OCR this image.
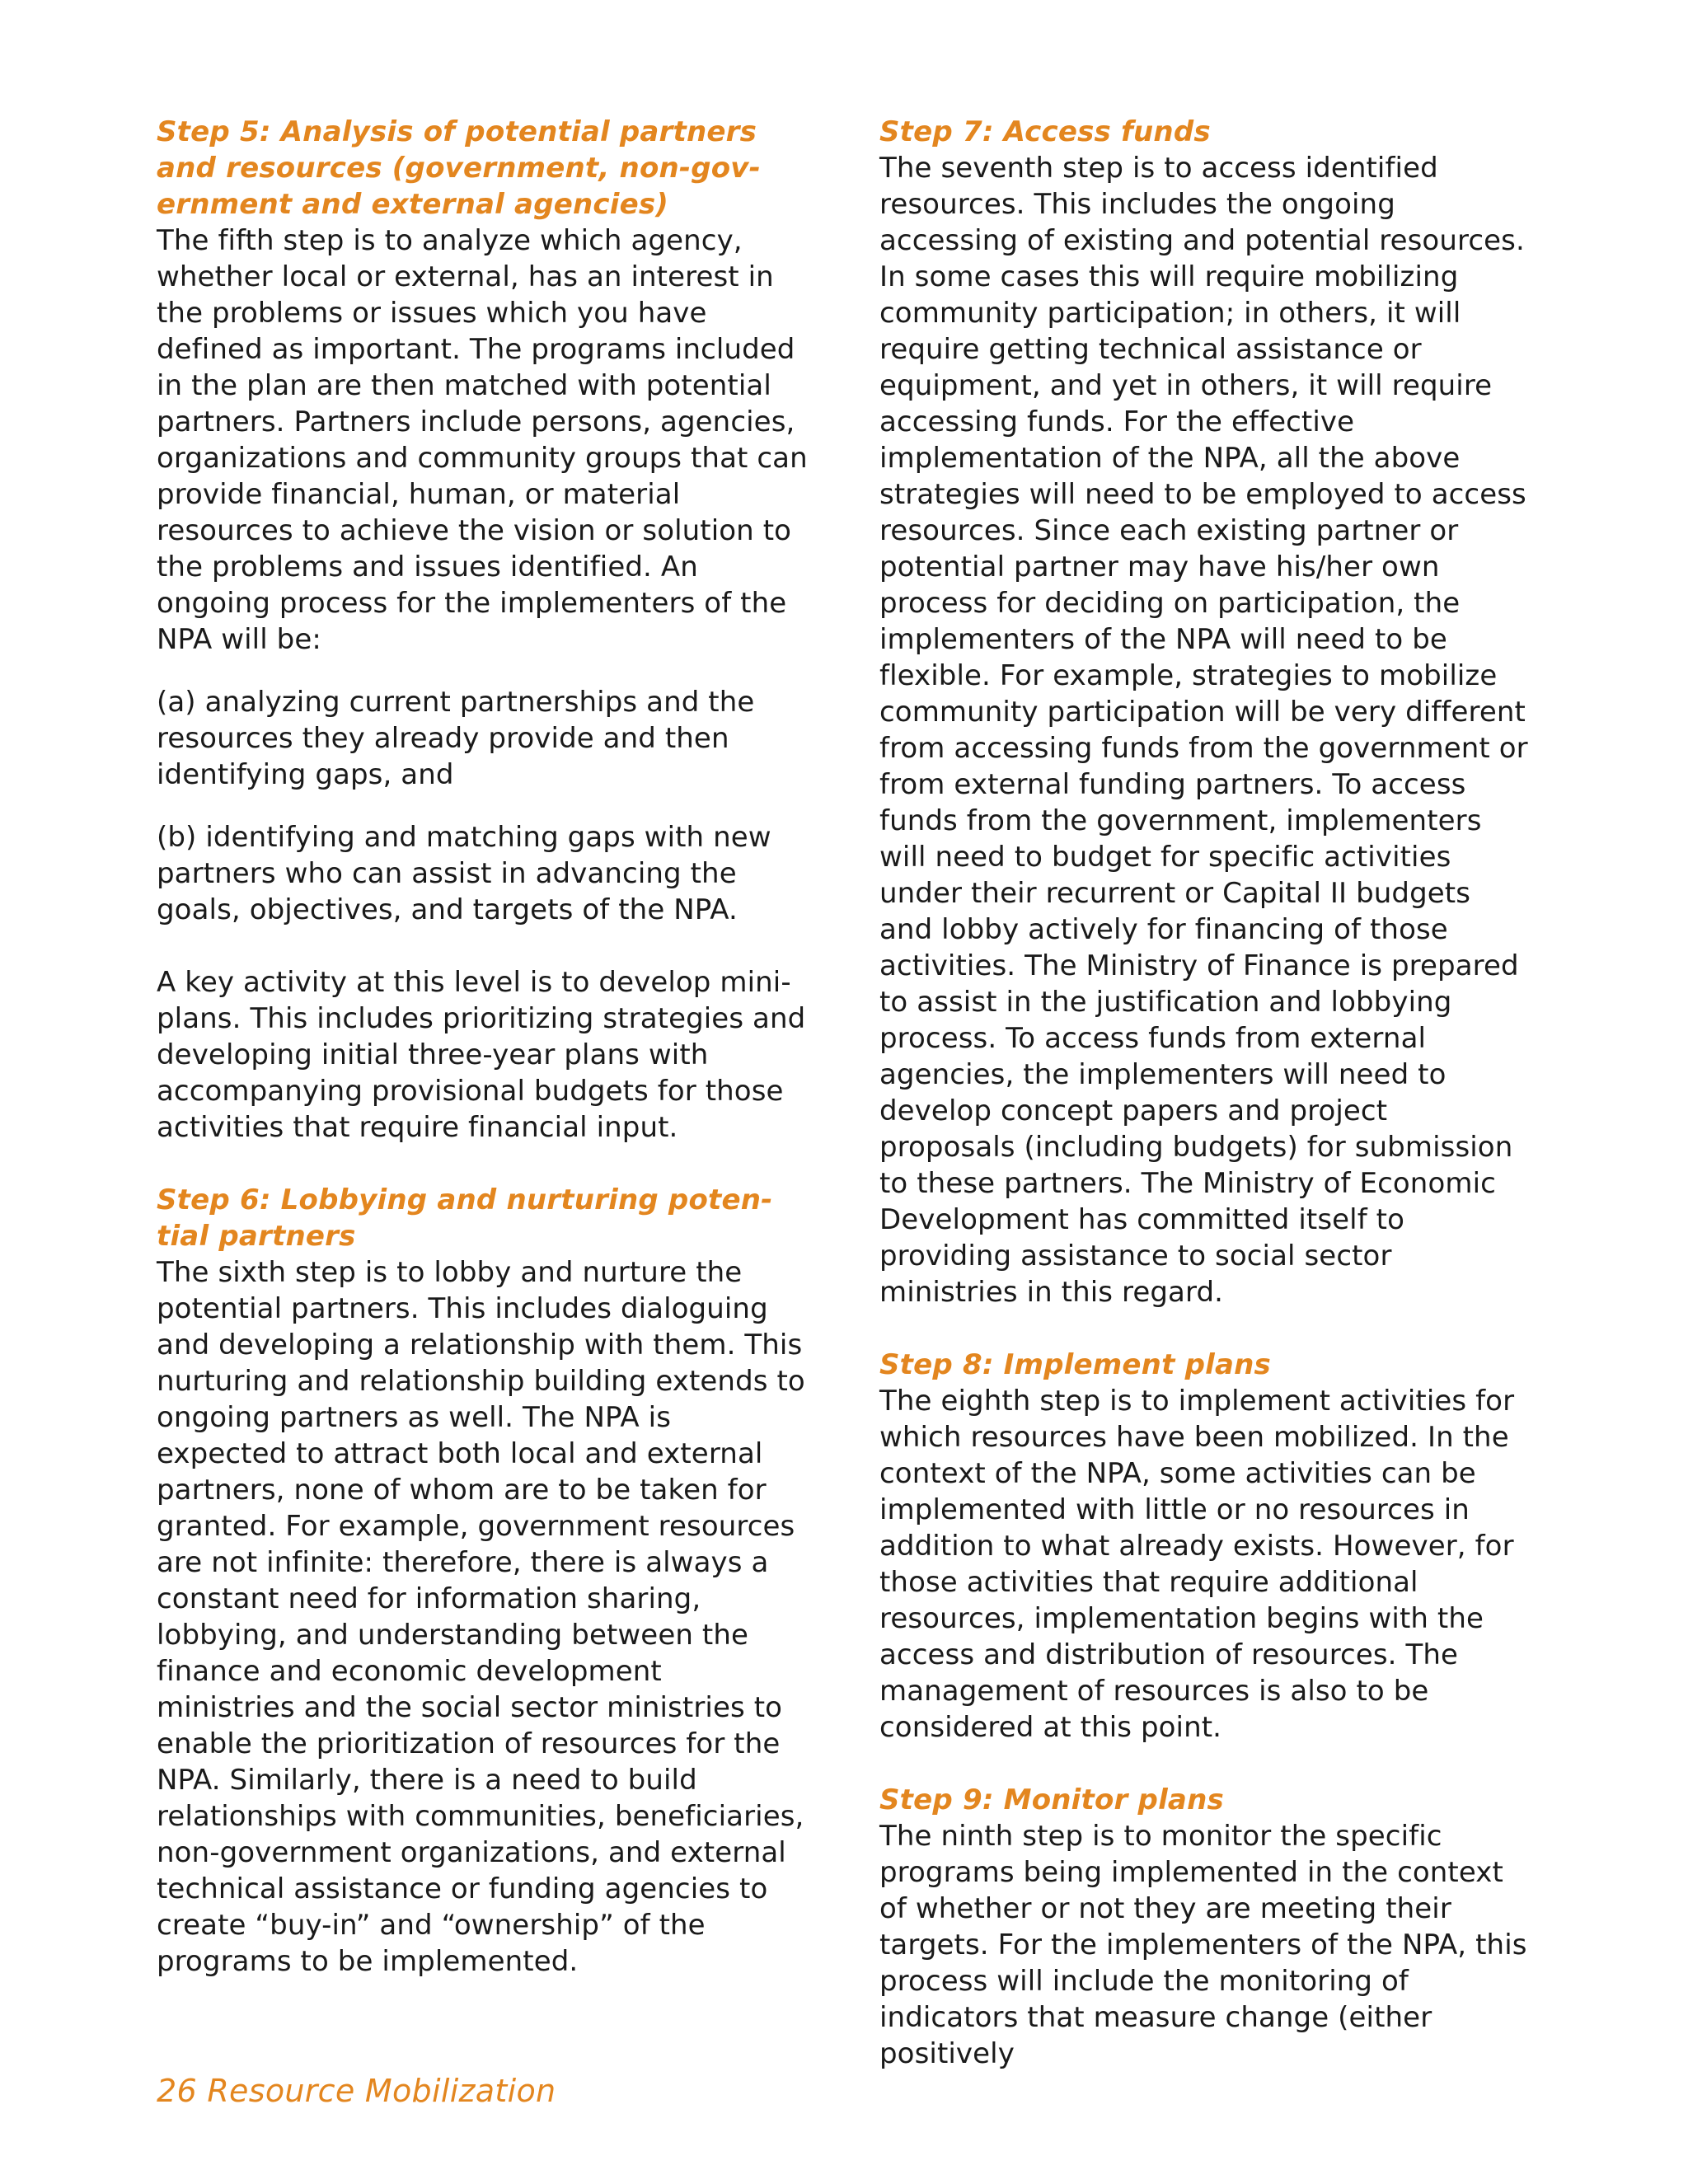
Step 5: Analysis of potential partners
and resources (government, non-gov-
ernment and external agencies)

The fifth step is to analyze which agency, whether local or external, has an interest in the problems or issues which you have defined as important. The programs included in the plan are then matched with potential partners. Partners include persons, agencies, organizations and community groups that can provide financial, human, or material resources to achieve the vision or solution to the problems and issues identified. An ongoing process for the implementers of the NPA will be:

(a) analyzing current partnerships and the resources they already provide and then identifying gaps, and

(b) identifying and matching gaps with new partners who can assist in advancing the goals, objectives, and targets of the NPA.

A key activity at this level is to develop mini-plans. This includes prioritizing strategies and developing initial three-year plans with accompanying provisional budgets for those activities that require financial input.

Step 6: Lobbying and nurturing poten-
tial partners

The sixth step is to lobby and nurture the potential partners. This includes dialoguing and developing a relationship with them. This nurturing and relationship building extends to ongoing partners as well. The NPA is expected to attract both local and external partners, none of whom are to be taken for granted. For example, government resources are not infinite: therefore, there is always a constant need for information sharing, lobbying, and understanding between the finance and economic development ministries and the social sector ministries to enable the prioritization of resources for the NPA. Similarly, there is a need to build relationships with communities, beneficiaries, non-government organizations, and external technical assistance or funding agencies to create “buy-in” and “ownership” of the programs to be implemented.

Step 7: Access funds

The seventh step is to access identified resources. This includes the ongoing accessing of existing and potential resources. In some cases this will require mobilizing community participation; in others, it will require getting technical assistance or equipment, and yet in others, it will require accessing funds. For the effective implementation of the NPA, all the above strategies will need to be employed to access resources. Since each existing partner or potential partner may have his/her own process for deciding on participation, the implementers of the NPA will need to be flexible. For example, strategies to mobilize community participation will be very different from accessing funds from the government or from external funding partners. To access funds from the government, implementers will need to budget for specific activities under their recurrent or Capital II budgets and lobby actively for financing of those activities. The Ministry of Finance is prepared to assist in the justification and lobbying process. To access funds from external agencies, the implementers will need to develop concept papers and project proposals (including budgets) for submission to these partners. The Ministry of Economic Development has committed itself to providing assistance to social sector ministries in this regard.

Step 8: Implement plans

The eighth step is to implement activities for which resources have been mobilized. In the context of the NPA, some activities can be implemented with little or no resources in addition to what already exists. However, for those activities that require additional resources, implementation begins with the access and distribution of resources. The management of resources is also to be considered at this point.

Step 9: Monitor plans

The ninth step is to monitor the specific programs being implemented in the context of whether or not they are meeting their targets. For the implementers of the NPA, this process will include the monitoring of indicators that measure change (either positively

26 Resource Mobilization
